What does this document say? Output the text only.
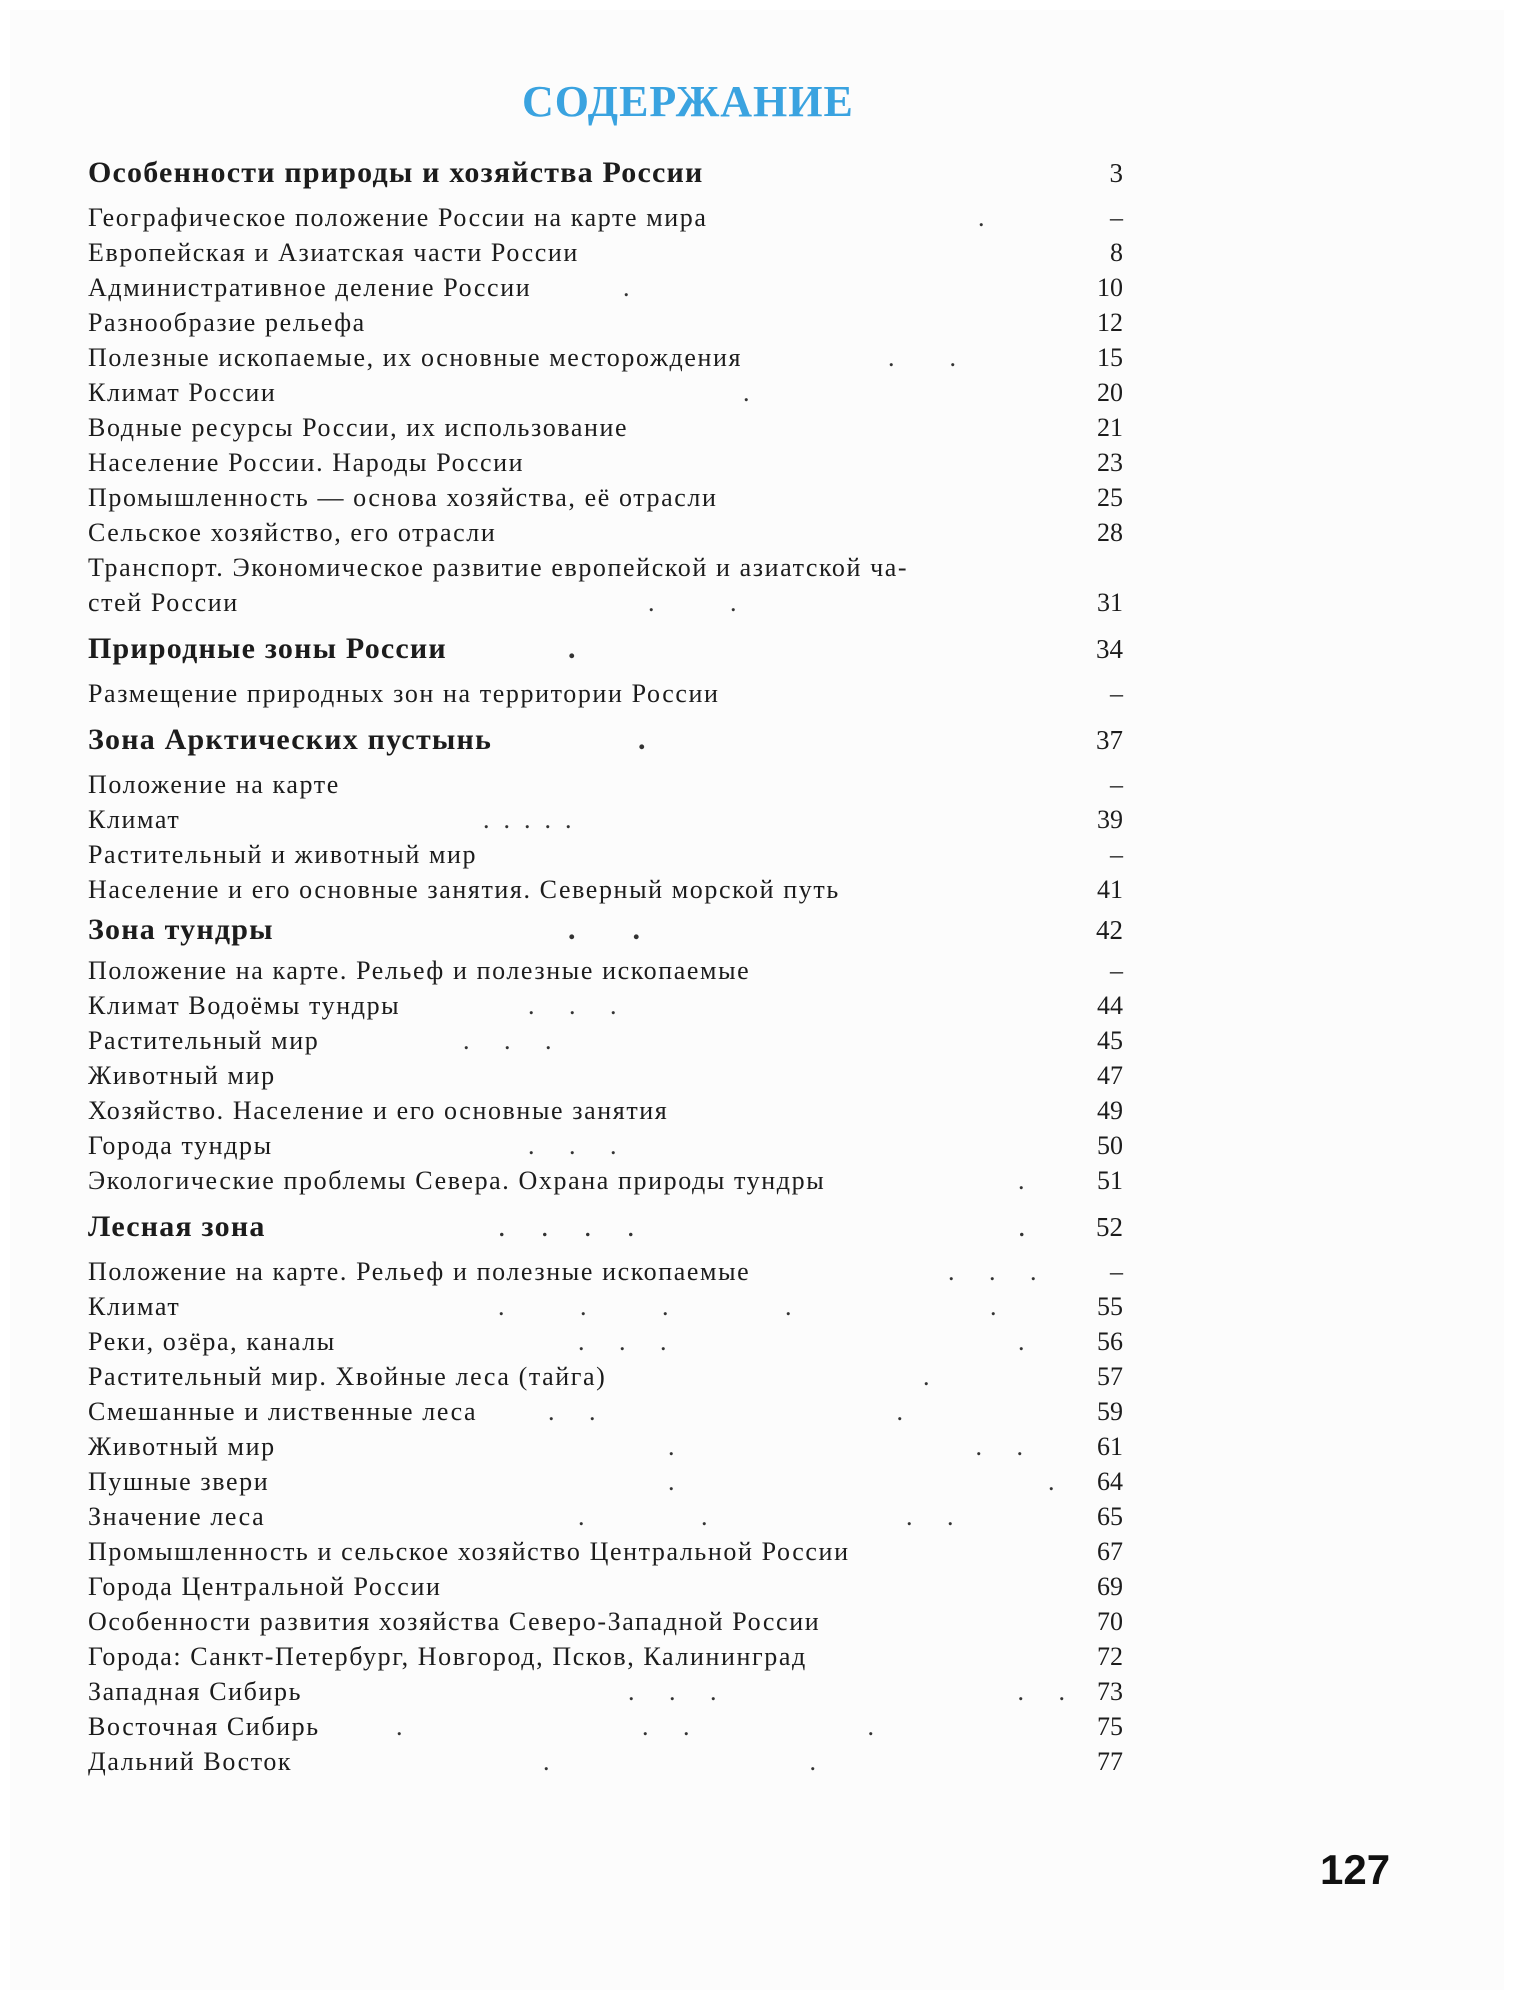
СОДЕРЖАНИЕ
Особенности природы и хозяйства России	3
Географическое положение России на карте мира	.	–
Европейская и Азиатская части России	8
Административное деление России	.	10
Разнообразие рельефа	12
Полезные ископаемые, их основные месторождения	.  .	15
Климат России	.	20
Водные ресурсы России, их использование	21
Население России. Народы России	23
Промышленность — основа хозяйства, её отрасли	25
Сельское хозяйство, его отрасли	28
Транспорт. Экономическое развитие европейской и азиатской ча-
стей России	.   .	31
Природные зоны России	.	34
Размещение природных зон на территории России	–
Зона Арктических пустынь	.	37
Положение на карте	–
Климат	.....	39
Растительный и животный мир	–
Население и его основные занятия. Северный морской путь	41
Зона тундры	.  .	42
Положение на карте. Рельеф и полезные ископаемые	–
Климат Водоёмы тундры	. . .	44
Растительный мир	. . .	45
Животный мир	47
Хозяйство. Население и его основные занятия	49
Города тундры	. . .	50
Экологические проблемы Севера. Охрана природы тундры	.	51
Лесная зона	. . . .	.	52
Положение на карте. Рельеф и полезные ископаемые	. . .	–
Климат	.   .   .     .         .	55
Реки, озёра, каналы	. . .	.	56
Растительный мир. Хвойные леса (тайга)	.	57
Смешанные и лиственные леса	. .              .	59
Животный мир	.              . .	61
Пушные звери	.	.	64
Значение леса	.     .         . .	65
Промышленность и сельское хозяйство Центральной России	67
Города Центральной России	69
Особенности развития хозяйства Северо-Западной России	70
Города: Санкт-Петербург, Новгород, Псков, Калининград	72
Западная Сибирь	. . .              . . 73
Восточная Сибирь	.           . .        .	75
Дальний Восток	.            .	77
127
